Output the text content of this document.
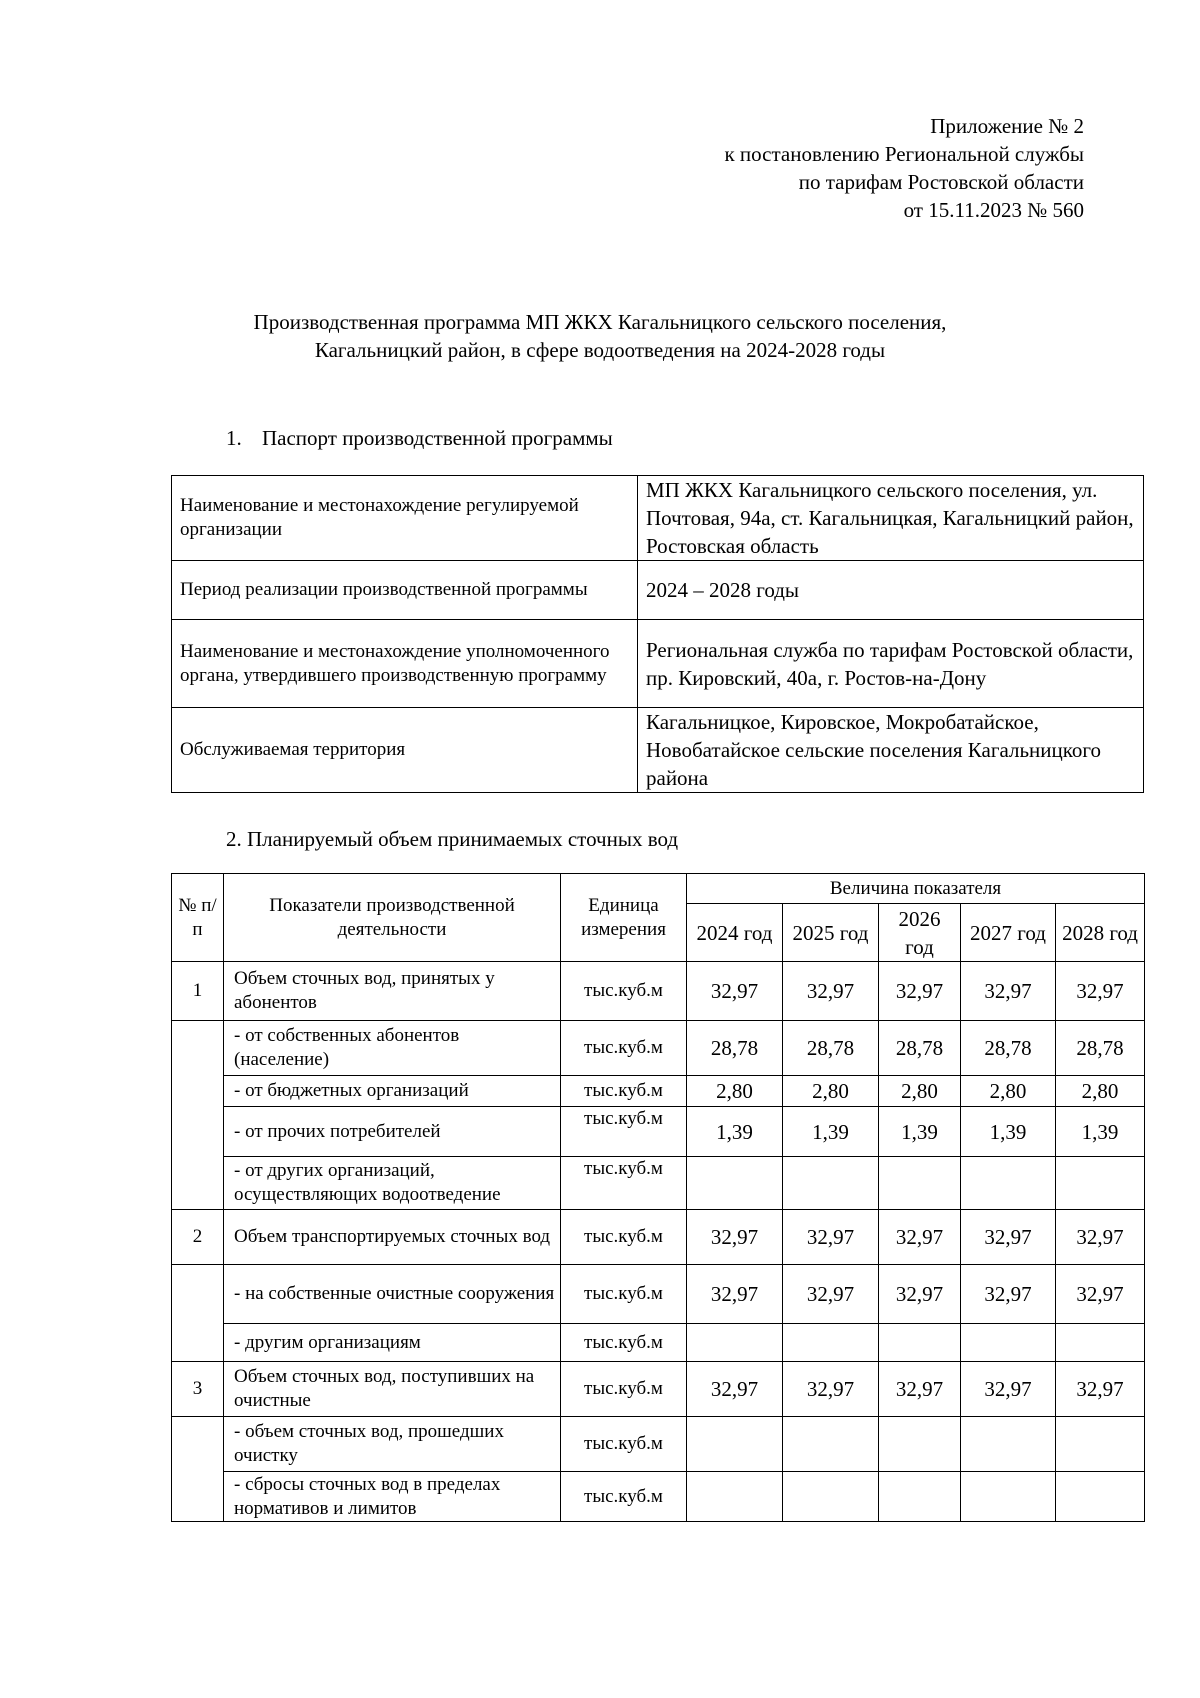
Приложение № 2
к постановлению Региональной службы
по тарифам Ростовской области
от 15.11.2023 № 560
Производственная программа МП ЖКХ Кагальницкого сельского поселения,
Кагальницкий район, в сфере водоотведения на 2024-2028 годы
1. Паспорт производственной программы
Наименование и местонахождение регулируемой организации	МП ЖКХ Кагальницкого сельского поселения, ул. Почтовая, 94а, ст. Кагальницкая, Кагальницкий район, Ростовская область
Период реализации производственной программы	2024 – 2028 годы
Наименование и местонахождение уполномоченного органа, утвердившего производственную программу	Региональная служба по тарифам Ростовской области, пр. Кировский, 40а, г. Ростов-на-Дону
Обслуживаемая территория	Кагальницкое, Кировское, Мокробатайское, Новобатайское сельские поселения Кагальницкого района
2. Планируемый объем принимаемых сточных вод
№ п/п	Показатели производственной деятельности	Единица измерения	Величина показателя				
			2024 год	2025 год	2026 год	2027 год	2028 год
1	Объем сточных вод, принятых у абонентов	тыс.куб.м	32,97	32,97	32,97	32,97	32,97
	- от собственных абонентов (население)	тыс.куб.м	28,78	28,78	28,78	28,78	28,78
	- от бюджетных организаций	тыс.куб.м	2,80	2,80	2,80	2,80	2,80
	- от прочих потребителей	тыс.куб.м	1,39	1,39	1,39	1,39	1,39
	- от других организаций, осуществляющих водоотведение	тыс.куб.м					
2	Объем транспортируемых сточных вод	тыс.куб.м	32,97	32,97	32,97	32,97	32,97
	- на собственные очистные сооружения	тыс.куб.м	32,97	32,97	32,97	32,97	32,97
	- другим организациям	тыс.куб.м					
3	Объем сточных вод, поступивших на очистные	тыс.куб.м	32,97	32,97	32,97	32,97	32,97
	- объем сточных вод, прошедших очистку	тыс.куб.м					
	- сбросы сточных вод в пределах нормативов и лимитов	тыс.куб.м					
